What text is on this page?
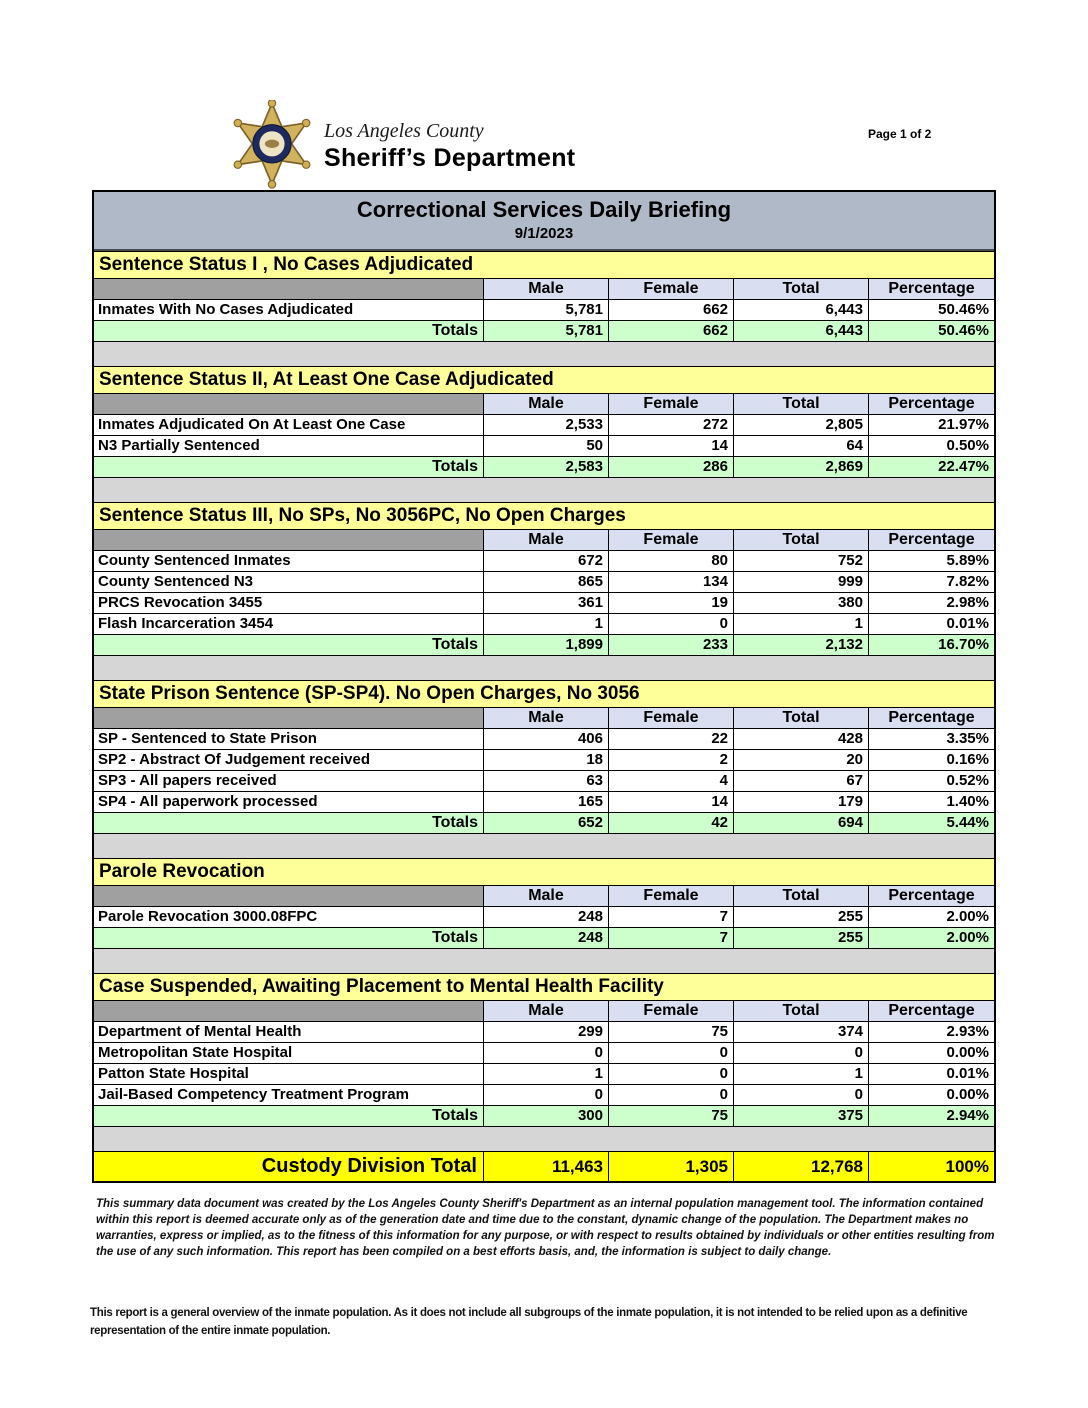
Los Angeles County
Sheriff’s Department
Page 1 of 2
Correctional Services Daily Briefing
9/1/2023
Sentence Status I , No Cases Adjudicated
Male	Female	Total	Percentage
Inmates With No Cases Adjudicated	5,781	662	6,443	50.46%
Totals	5,781	662	6,443	50.46%
Sentence Status II, At Least One Case Adjudicated
Male	Female	Total	Percentage
Inmates Adjudicated On At Least One Case	2,533	272	2,805	21.97%
N3 Partially Sentenced	50	14	64	0.50%
Totals	2,583	286	2,869	22.47%
Sentence Status III, No SPs, No 3056PC, No Open Charges
Male	Female	Total	Percentage
County Sentenced Inmates	672	80	752	5.89%
County Sentenced N3	865	134	999	7.82%
PRCS Revocation 3455	361	19	380	2.98%
Flash Incarceration 3454	1	0	1	0.01%
Totals	1,899	233	2,132	16.70%
State Prison Sentence (SP-SP4). No Open Charges, No 3056
Male	Female	Total	Percentage
SP - Sentenced to State Prison	406	22	428	3.35%
SP2 - Abstract Of Judgement received	18	2	20	0.16%
SP3 - All papers received	63	4	67	0.52%
SP4 - All paperwork processed	165	14	179	1.40%
Totals	652	42	694	5.44%
Parole Revocation
Male	Female	Total	Percentage
Parole Revocation 3000.08FPC	248	7	255	2.00%
Totals	248	7	255	2.00%
Case Suspended, Awaiting Placement to Mental Health Facility
Male	Female	Total	Percentage
Department of Mental Health	299	75	374	2.93%
Metropolitan State Hospital	0	0	0	0.00%
Patton State Hospital	1	0	1	0.01%
Jail-Based Competency Treatment Program	0	0	0	0.00%
Totals	300	75	375	2.94%
Custody Division Total	11,463	1,305	12,768	100%
This summary data document was created by the Los Angeles County Sheriff's Department as an internal population management tool. The information contained within this report is deemed accurate only as of the generation date and time due to the constant, dynamic change of the population. The Department makes no warranties, express or implied, as to the fitness of this information for any purpose, or with respect to results obtained by individuals or other entities resulting from the use of any such information. This report has been compiled on a best efforts basis, and, the information is subject to daily change.
This report is a general overview of the inmate population. As it does not include all subgroups of the inmate population, it is not intended to be relied upon as a definitive representation of the entire inmate population.
